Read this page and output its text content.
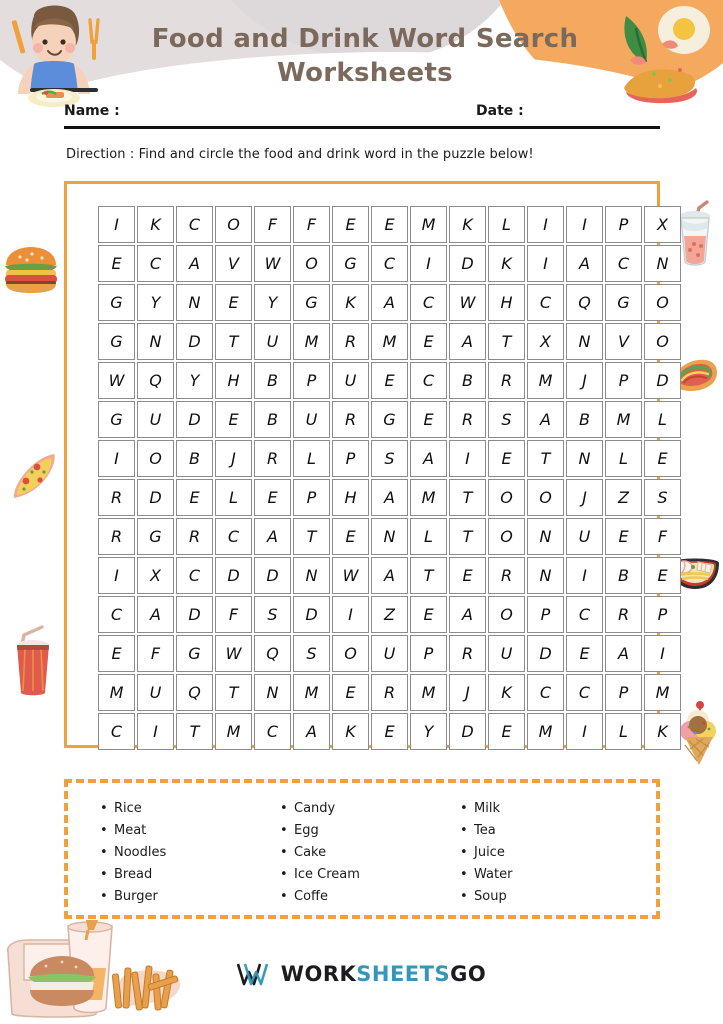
Food and Drink Word Search Worksheets
Name :	Date :
Direction : Find and circle the food and drink word in the puzzle below!
I	K	C	O	F	F	E	E	M	K	L	I	I	P	X
E	C	A	V	W	O	G	C	I	D	K	I	A	C	N
G	Y	N	E	Y	G	K	A	C	W	H	C	Q	G	O
G	N	D	T	U	M	R	M	E	A	T	X	N	V	O
W	Q	Y	H	B	P	U	E	C	B	R	M	J	P	D
G	U	D	E	B	U	R	G	E	R	S	A	B	M	L
I	O	B	J	R	L	P	S	A	I	E	T	N	L	E
R	D	E	L	E	P	H	A	M	T	O	O	J	Z	S
R	G	R	C	A	T	E	N	L	T	O	N	U	E	F
I	X	C	D	D	N	W	A	T	E	R	N	I	B	E
C	A	D	F	S	D	I	Z	E	A	O	P	C	R	P
E	F	G	W	Q	S	O	U	P	R	U	D	E	A	I
M	U	Q	T	N	M	E	R	M	J	K	C	C	P	M
C	I	T	M	C	A	K	E	Y	D	E	M	I	L	K
• Rice
• Meat
• Noodles
• Bread
• Burger
• Candy
• Egg
• Cake
• Ice Cream
• Coffe
• Milk
• Tea
• Juice
• Water
• Soup
WORKSHEETSGO
